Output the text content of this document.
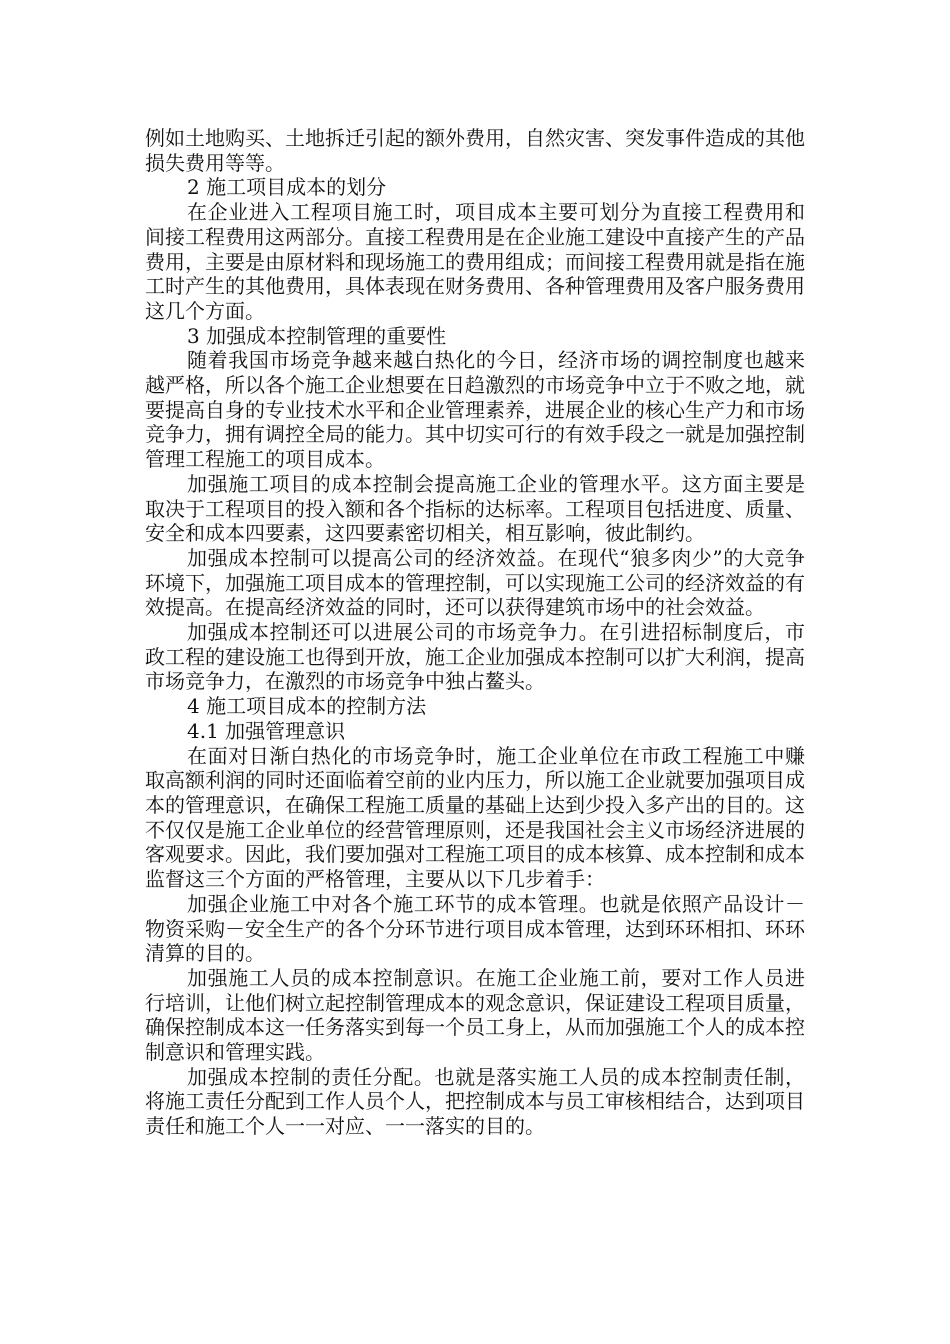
例如土地购买、土地拆迁引起的额外费用，自然灾害、突发事件造成的其他损失费用等等。

2 施工项目成本的划分

在企业进入工程项目施工时，项目成本主要可划分为直接工程费用和间接工程费用这两部分。直接工程费用是在企业施工建设中直接产生的产品费用，主要是由原材料和现场施工的费用组成；而间接工程费用就是指在施工时产生的其他费用，具体表现在财务费用、各种管理费用及客户服务费用这几个方面。

3 加强成本控制管理的重要性

随着我国市场竞争越来越白热化的今日，经济市场的调控制度也越来越严格，所以各个施工企业想要在日趋激烈的市场竞争中立于不败之地，就要提高自身的专业技术水平和企业管理素养，进展企业的核心生产力和市场竞争力，拥有调控全局的能力。其中切实可行的有效手段之一就是加强控制管理工程施工的项目成本。

加强施工项目的成本控制会提高施工企业的管理水平。这方面主要是取决于工程项目的投入额和各个指标的达标率。工程项目包括进度、质量、安全和成本四要素，这四要素密切相关，相互影响，彼此制约。

加强成本控制可以提高公司的经济效益。在现代“狼多肉少”的大竞争环境下，加强施工项目成本的管理控制，可以实现施工公司的经济效益的有效提高。在提高经济效益的同时，还可以获得建筑市场中的社会效益。

加强成本控制还可以进展公司的市场竞争力。在引进招标制度后，市政工程的建设施工也得到开放，施工企业加强成本控制可以扩大利润，提高市场竞争力，在激烈的市场竞争中独占鳌头。

4 施工项目成本的控制方法

4.1 加强管理意识

在面对日渐白热化的市场竞争时，施工企业单位在市政工程施工中赚取高额利润的同时还面临着空前的业内压力，所以施工企业就要加强项目成本的管理意识，在确保工程施工质量的基础上达到少投入多产出的目的。这不仅仅是施工企业单位的经营管理原则，还是我国社会主义市场经济进展的客观要求。因此，我们要加强对工程施工项目的成本核算、成本控制和成本监督这三个方面的严格管理，主要从以下几步着手：

加强企业施工中对各个施工环节的成本管理。也就是依照产品设计－物资采购－安全生产的各个分环节进行项目成本管理，达到环环相扣、环环清算的目的。

加强施工人员的成本控制意识。在施工企业施工前，要对工作人员进行培训，让他们树立起控制管理成本的观念意识，保证建设工程项目质量，确保控制成本这一任务落实到每一个员工身上，从而加强施工个人的成本控制意识和管理实践。

加强成本控制的责任分配。也就是落实施工人员的成本控制责任制，将施工责任分配到工作人员个人，把控制成本与员工审核相结合，达到项目责任和施工个人一一对应、一一落实的目的。
